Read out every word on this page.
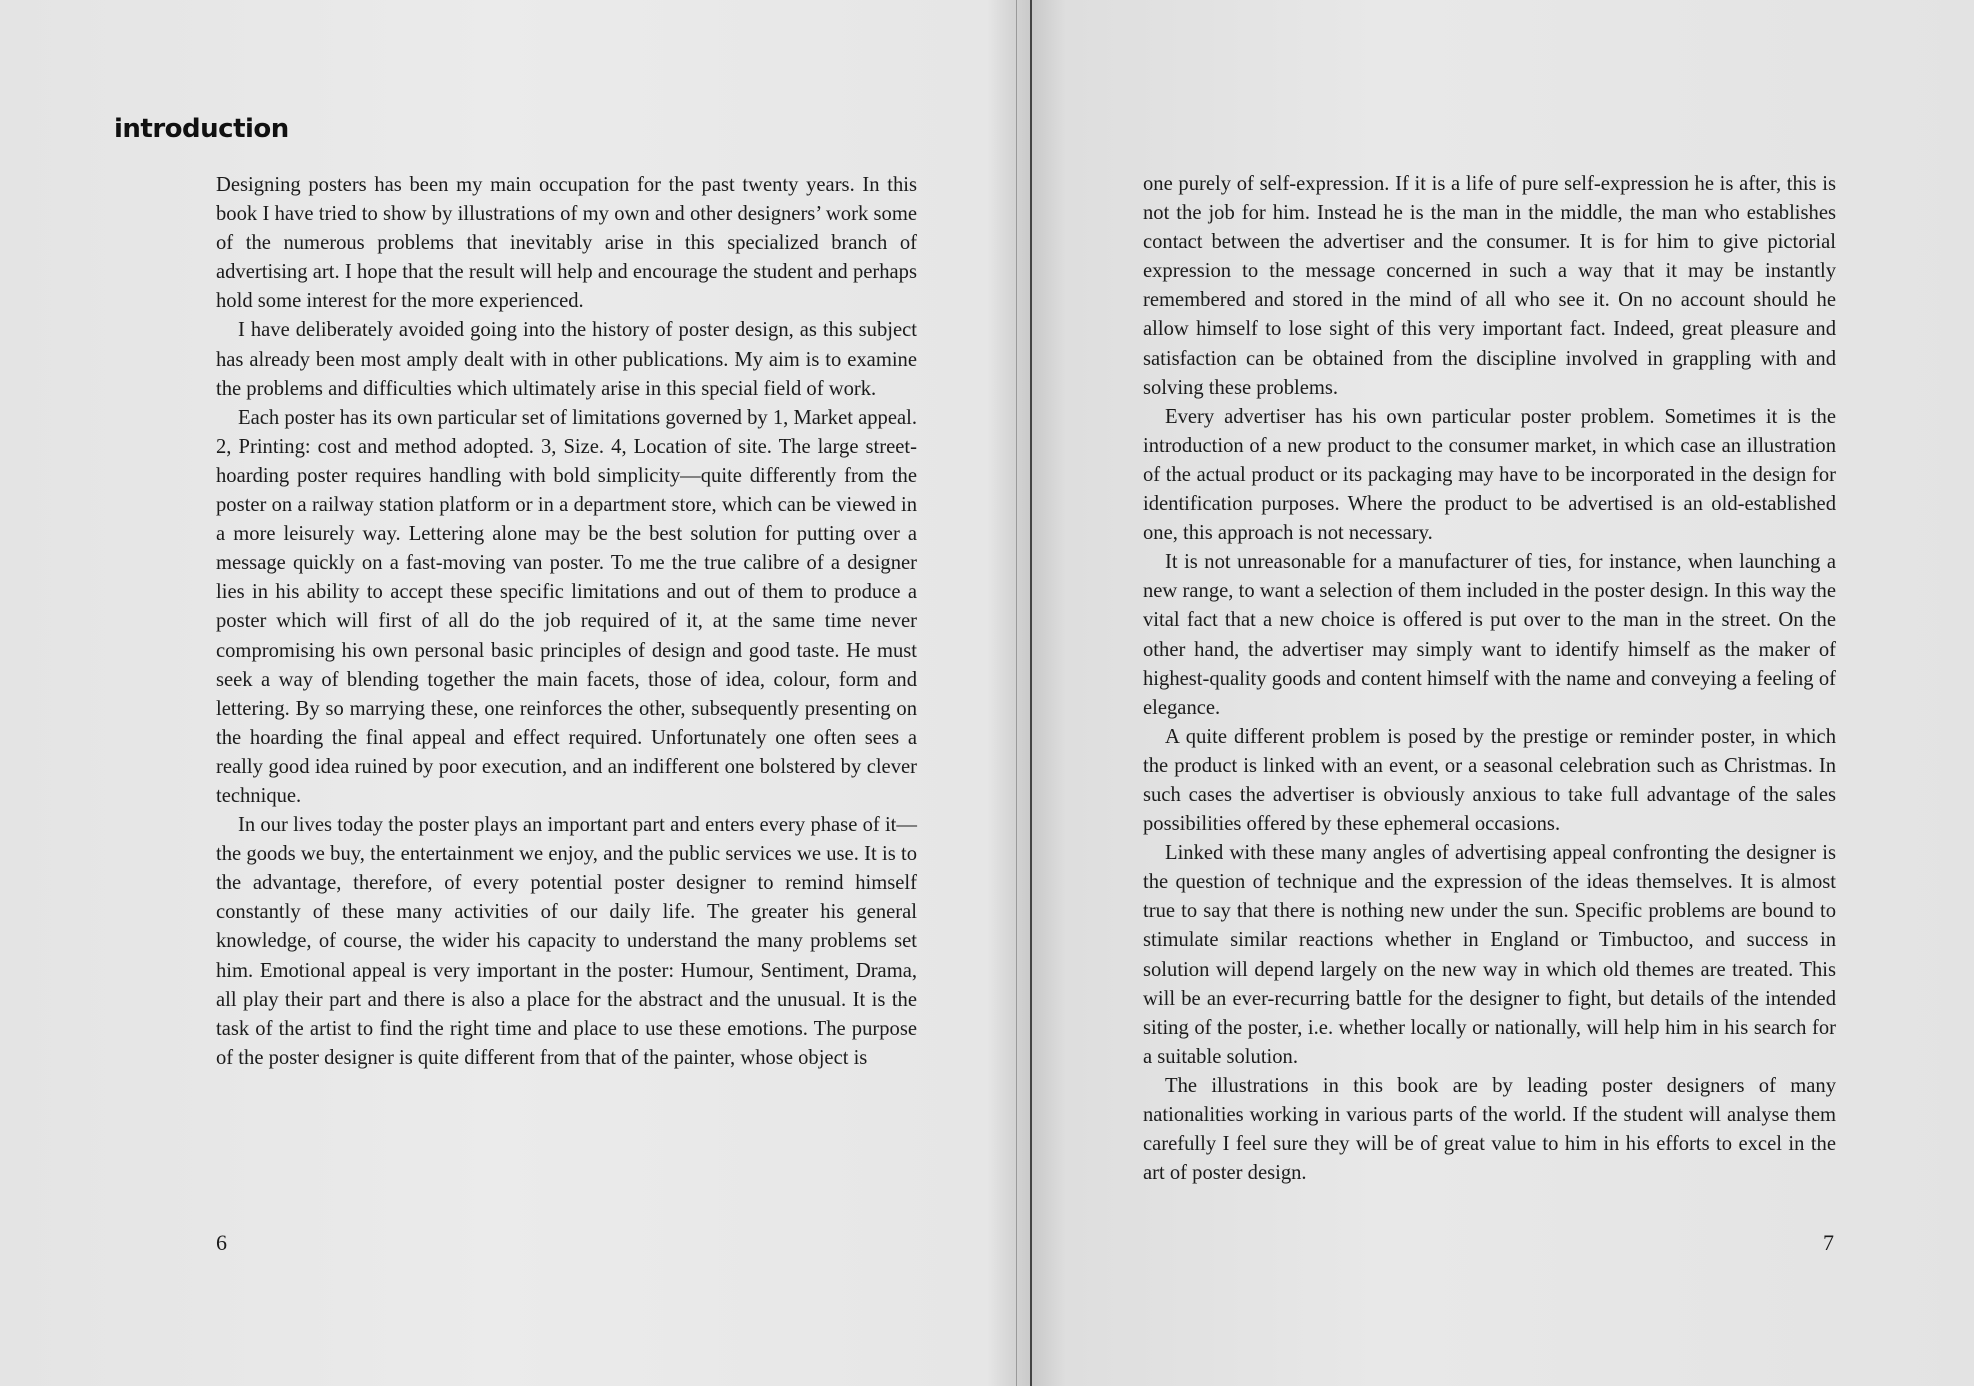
introduction

Designing posters has been my main occupation for the past twenty years. In this book I have tried to show by illustrations of my own and other designers’ work some of the numerous problems that inevitably arise in this specialized branch of advertising art. I hope that the result will help and encourage the student and perhaps hold some interest for the more experienced.

I have deliberately avoided going into the history of poster design, as this subject has already been most amply dealt with in other publications. My aim is to examine the problems and difficulties which ultimately arise in this special field of work.

Each poster has its own particular set of limitations governed by 1, Market appeal. 2, Printing: cost and method adopted. 3, Size. 4, Location of site. The large street-hoarding poster requires handling with bold simplicity—quite differently from the poster on a railway station platform or in a department store, which can be viewed in a more leisurely way. Lettering alone may be the best solution for putting over a message quickly on a fast-moving van poster. To me the true calibre of a designer lies in his ability to accept these specific limitations and out of them to produce a poster which will first of all do the job required of it, at the same time never compromising his own personal basic principles of design and good taste. He must seek a way of blending together the main facets, those of idea, colour, form and lettering. By so marrying these, one reinforces the other, subsequently presenting on the hoarding the final appeal and effect required. Unfortunately one often sees a really good idea ruined by poor execution, and an indifferent one bolstered by clever technique.

In our lives today the poster plays an important part and enters every phase of it—the goods we buy, the entertainment we enjoy, and the public services we use. It is to the advantage, therefore, of every potential poster designer to remind himself constantly of these many activities of our daily life. The greater his general knowledge, of course, the wider his capacity to understand the many problems set him. Emotional appeal is very important in the poster: Humour, Sentiment, Drama, all play their part and there is also a place for the abstract and the unusual. It is the task of the artist to find the right time and place to use these emotions. The purpose of the poster designer is quite different from that of the painter, whose object is

6

one purely of self-expression. If it is a life of pure self-expression he is after, this is not the job for him. Instead he is the man in the middle, the man who establishes contact between the advertiser and the consumer. It is for him to give pictorial expression to the message concerned in such a way that it may be instantly remembered and stored in the mind of all who see it. On no account should he allow himself to lose sight of this very important fact. Indeed, great pleasure and satisfaction can be obtained from the discipline involved in grappling with and solving these problems.

Every advertiser has his own particular poster problem. Sometimes it is the introduction of a new product to the consumer market, in which case an illustration of the actual product or its packaging may have to be incorporated in the design for identification purposes. Where the product to be advertised is an old-established one, this approach is not necessary.

It is not unreasonable for a manufacturer of ties, for instance, when launching a new range, to want a selection of them included in the poster design. In this way the vital fact that a new choice is offered is put over to the man in the street. On the other hand, the advertiser may simply want to identify himself as the maker of highest-quality goods and content himself with the name and conveying a feeling of elegance.

A quite different problem is posed by the prestige or reminder poster, in which the product is linked with an event, or a seasonal celebration such as Christmas. In such cases the advertiser is obviously anxious to take full advantage of the sales possibilities offered by these ephemeral occasions.

Linked with these many angles of advertising appeal confronting the designer is the question of technique and the expression of the ideas themselves. It is almost true to say that there is nothing new under the sun. Specific problems are bound to stimulate similar reactions whether in England or Timbuctoo, and success in solution will depend largely on the new way in which old themes are treated. This will be an ever-recurring battle for the designer to fight, but details of the intended siting of the poster, i.e. whether locally or nationally, will help him in his search for a suitable solution.

The illustrations in this book are by leading poster designers of many nationalities working in various parts of the world. If the student will analyse them carefully I feel sure they will be of great value to him in his efforts to excel in the art of poster design.

7
